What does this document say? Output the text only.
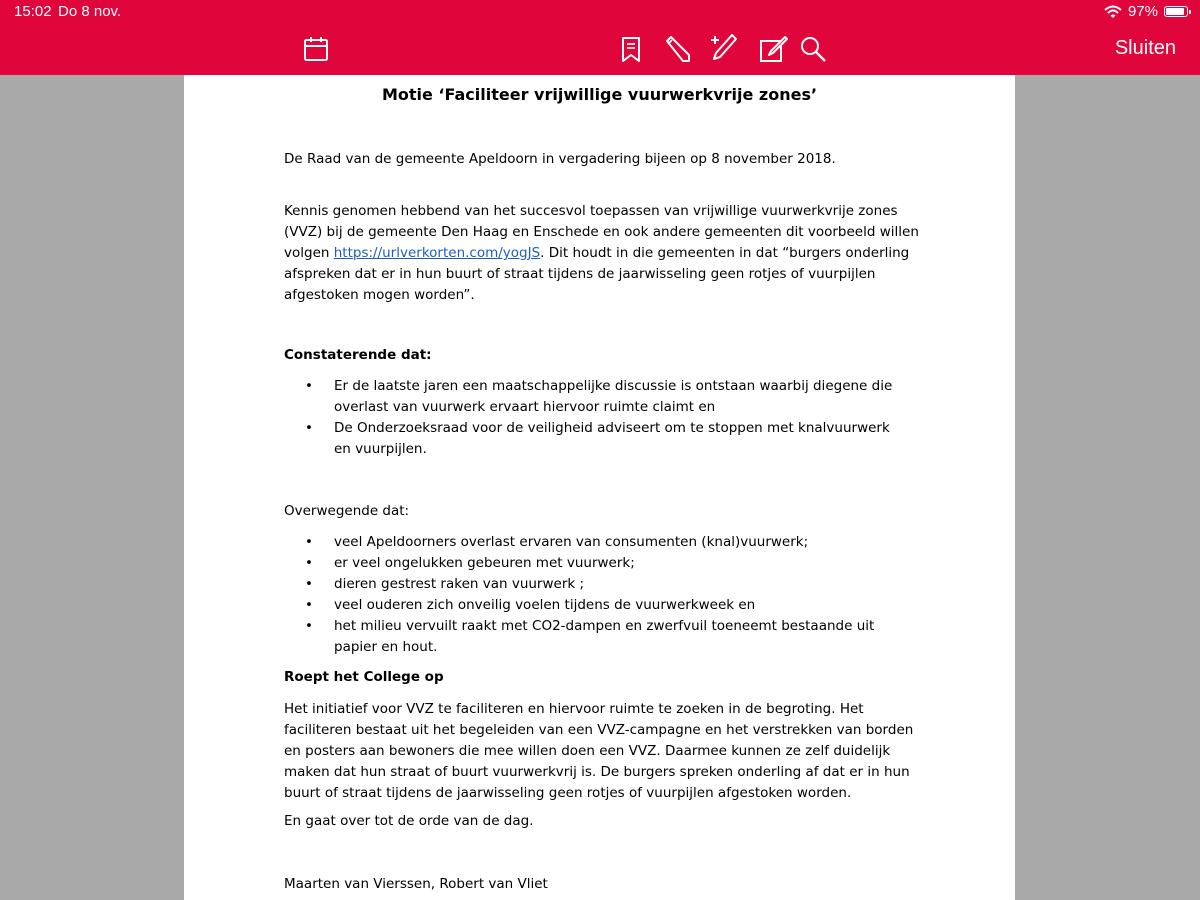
15:02 Do 8 nov.	97%
Sluiten
Motie ‘Faciliteer vrijwillige vuurwerkvrije zones’

De Raad van de gemeente Apeldoorn in vergadering bijeen op 8 november 2018.

Kennis genomen hebbend van het succesvol toepassen van vrijwillige vuurwerkvrije zones (VVZ) bij de gemeente Den Haag en Enschede en ook andere gemeenten dit voorbeeld willen volgen https://urlverkorten.com/yogJS. Dit houdt in die gemeenten in dat “burgers onderling afspreken dat er in hun buurt of straat tijdens de jaarwisseling geen rotjes of vuurpijlen afgestoken mogen worden”.

Constaterende dat:

• Er de laatste jaren een maatschappelijke discussie is ontstaan waarbij diegene die overlast van vuurwerk ervaart hiervoor ruimte claimt en
• De Onderzoeksraad voor de veiligheid adviseert om te stoppen met knalvuurwerk en vuurpijlen.

Overwegende dat:

• veel Apeldoorners overlast ervaren van consumenten (knal)vuurwerk;
• er veel ongelukken gebeuren met vuurwerk;
• dieren gestrest raken van vuurwerk ;
• veel ouderen zich onveilig voelen tijdens de vuurwerkweek en
• het milieu vervuilt raakt met CO2-dampen en zwerfvuil toeneemt bestaande uit papier en hout.

Roept het College op

Het initiatief voor VVZ te faciliteren en hiervoor ruimte te zoeken in de begroting. Het faciliteren bestaat uit het begeleiden van een VVZ-campagne en het verstrekken van borden en posters aan bewoners die mee willen doen een VVZ. Daarmee kunnen ze zelf duidelijk maken dat hun straat of buurt vuurwerkvrij is. De burgers spreken onderling af dat er in hun buurt of straat tijdens de jaarwisseling geen rotjes of vuurpijlen afgestoken worden.

En gaat over tot de orde van de dag.

Maarten van Vierssen, Robert van Vliet
